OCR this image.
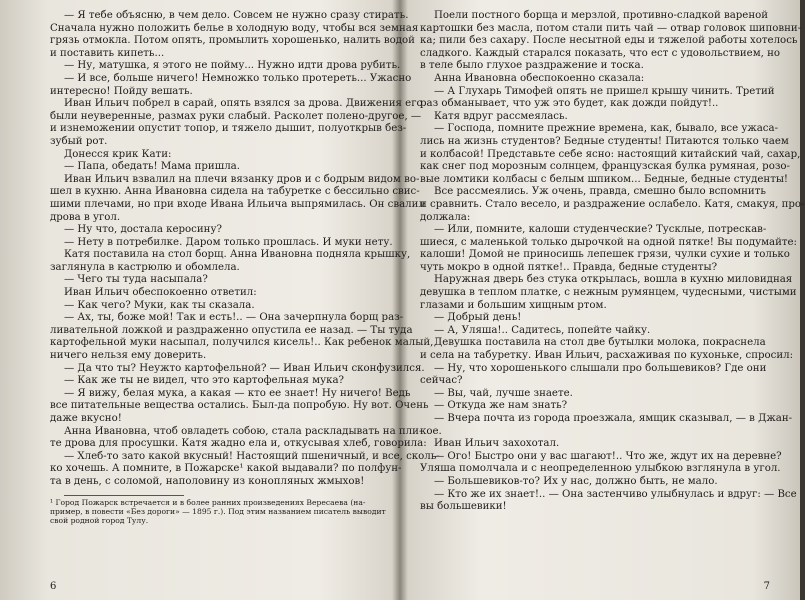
— Я тебе объясню, в чем дело. Совсем не нужно сразу стирать.
Сначала нужно положить белье в холодную воду, чтобы вся земная
грязь отмокла. Потом опять, промылить хорошенько, налить водой
и поставить кипеть...
— Ну, матушка, я этого не пойму... Нужно идти дрова рубить.
— И все, больше ничего! Немножко только протереть... Ужасно
интересно! Пойду вешать.
Иван Ильич побрел в сарай, опять взялся за дрова. Движения его
были неуверенные, размах руки слабый. Расколет полено-другое, —
и изнеможении опустит топор, и тяжело дышит, полуоткрыв без-
зубый рот.
Донесся крик Кати:
— Папа, обедать! Мама пришла.
Иван Ильич взвалил на плечи вязанку дров и с бодрым видом во-
шел в кухню. Анна Ивановна сидела на табуретке с бессильно свис-
шими плечами, но при входе Ивана Ильича выпрямилась. Он свалил
дрова в угол.
— Ну что, достала керосину?
— Нету в потребилке. Даром только прошлась. И муки нету.
Катя поставила на стол борщ. Анна Ивановна подняла крышку,
заглянула в кастрюлю и обомлела.
— Чего ты туда насыпала?
Иван Ильич обеспокоенно ответил:
— Как чего? Муки, как ты сказала.
— Ах, ты, боже мой! Так и есть!.. — Она зачерпнула борщ раз-
ливательной ложкой и раздраженно опустила ее назад. — Ты туда
картофельной муки насыпал, получился кисель!.. Как ребенок малый,
ничего нельзя ему доверить.
— Да что ты? Неужто картофельной? — Иван Ильич сконфузился.
— Как же ты не видел, что это картофельная мука?
— Я вижу, белая мука, а какая — кто ее знает! Ну ничего! Ведь
все питательные вещества остались. Был-да попробую. Ну вот. Очень
даже вкусно!
Анна Ивановна, чтоб овладеть собою, стала раскладывать на пли-
те дрова для просушки. Катя жадно ела и, откусывая хлеб, говорила:
— Хлеб-то зато какой вкусный! Настоящий пшеничный, и все, сколь-
ко хочешь. А помните, в Пожарске¹ какой выдавали? по полфун-
та в день, с соломой, наполовину из конопляных жмыхов!
¹ Город Пожарск встречается и в более ранних произведениях Вересаева (на-
пример, в повести «Без дороги» — 1895 г.). Под этим названием писатель выводит
свой родной город Тулу.
6
Поели постного борща и мерзлой, противно-сладкой вареной
картошки без масла, потом стали пить чай — отвар головок шиповни-
ка; пили без сахару. После несытной еды и тяжелой работы хотелось
сладкого. Каждый старался показать, что ест с удовольствием, но
в теле было глухое раздражение и тоска.
Анна Ивановна обеспокоенно сказала:
— А Глухарь Тимофей опять не пришел крышу чинить. Третий
раз обманывает, что уж это будет, как дожди пойдут!..
Катя вдруг рассмеялась.
— Господа, помните прежние времена, как, бывало, все ужаса-
лись на жизнь студентов? Бедные студенты! Питаются только чаем
и колбасой! Представьте себе ясно: настоящий китайский чай, сахар,
как снег под морозным солнцем, французская булка румяная, розо-
вые ломтики колбасы с белым шпиком... Бедные, бедные студенты!
Все рассмеялись. Уж очень, правда, смешно было вспомнить
и сравнить. Стало весело, и раздражение ослабело. Катя, смакуя, про-
должала:
— Или, помните, калоши студенческие? Тусклые, потрескав-
шиеся, с маленькой только дырочкой на одной пятке! Вы подумайте:
калоши! Домой не приносишь лепешек грязи, чулки сухие и только
чуть мокро в одной пятке!.. Правда, бедные студенты?
Наружная дверь без стука открылась, вошла в кухню миловидная
девушка в теплом платке, с нежным румянцем, чудесными, чистыми
глазами и большим хищным ртом.
— Добрый день!
— А, Уляша!.. Садитесь, попейте чайку.
Девушка поставила на стол две бутылки молока, покраснела
и села на табуретку. Иван Ильич, расхаживая по кухоньке, спросил:
— Ну, что хорошенького слышали про большевиков? Где они
сейчас?
— Вы, чай, лучше знаете.
— Откуда же нам знать?
— Вчера почта из города проезжала, ямщик сказывал, — в Джан-
кое.
Иван Ильич захохотал.
— Ого! Быстро они у вас шагают!.. Что же, ждут их на деревне?
Уляша помолчала и с неопределенною улыбкою взглянула в угол.
— Большевиков-то? Их у нас, должно быть, не мало.
— Кто же их знает!.. — Она застенчиво улыбнулась и вдруг: — Все
вы большевики!
7
